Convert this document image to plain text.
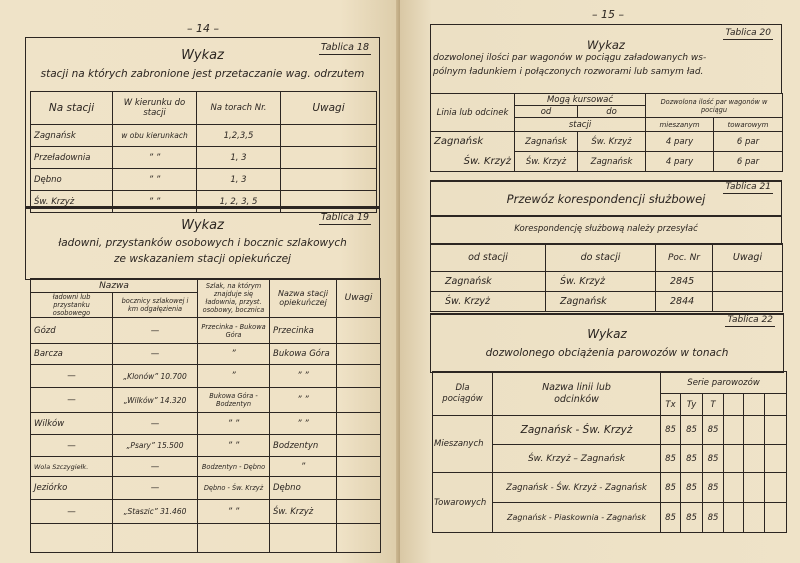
– 14 –
Tablica 18
Wykaz
stacji na których zabronione jest przetaczanie wag. odrzutem
Na stacji	W kierunku do stacji	Na torach Nr.	Uwagi
Zagnańsk	w obu kierunkach	1,2,3,5	
Przeładownia	” ”	1, 3	
Dębno	” ”	1, 3	
Św. Krzyż	” ”	1, 2, 3, 5	
Tablica 19
Wykaz
ładowni, przystanków osobowych i bocznic szlakowych
ze wskazaniem stacji opiekuńczej
Nazwa		Szlak, na którym znajduje się ładownia, przyst. osobowy, bocznica	Nazwa stacji opiekuńczej	Uwagi
ładowni lub przystanku osobowego	bocznicy szlakowej i km odgałęzienia			
Gózd	—	Przecinka - Bukowa Góra	Przecinka	
Barcza	—	”	Bukowa Góra	
—	„Klonów” 10.700	”	” ”	
—	„Wilków” 14.320	Bukowa Góra - Bodzentyn	” ”	
Wilków	—	” ”	” ”	
—	„Psary” 15.500	” ”	Bodzentyn	
Wola Szczygiełk.	—	Bodzentyn - Dębno	”	
Jeziórko	—	Dębno - Św. Krzyż	Dębno	
—	„Staszic” 31.460	” ”	Św. Krzyż	

– 15 –
Tablica 20
Wykaz
dozwolonej ilości par wagonów w pociągu załadowanych ws-
pólnym ładunkiem i połączonych rozworami lub samym ład.
Linia lub odcinek	Mogą kursować		Dozwolona ilość par wagonów w pociągu	
	od	do		
	stacji		mieszanym	towarowym
Zagnańsk	Zagnańsk	Św. Krzyż	4 pary	6 par
Św. Krzyż	Św. Krzyż	Zagnańsk	4 pary	6 par
Tablica 21
Przewóz korespondencji służbowej
Korespondencję służbową należy przesyłać
od stacji	do stacji	Poc. Nr	Uwagi
Zagnańsk	Św. Krzyż	2845	
Św. Krzyż	Zagnańsk	2844	
Tablica 22
Wykaz
dozwolonego obciążenia parowozów w tonach
Dla pociągów	Nazwa linii lub odcinków	Serie parowozów					
		Tx	Ty	T			
Mieszanych	Zagnańsk - Św. Krzyż	85	85	85			
	Św. Krzyż – Zagnańsk	85	85	85			
Towarowych	Zagnańsk - Św. Krzyż - Zagnańsk	85	85	85			
	Zagnańsk - Piaskownia - Zagnańsk	85	85	85			
